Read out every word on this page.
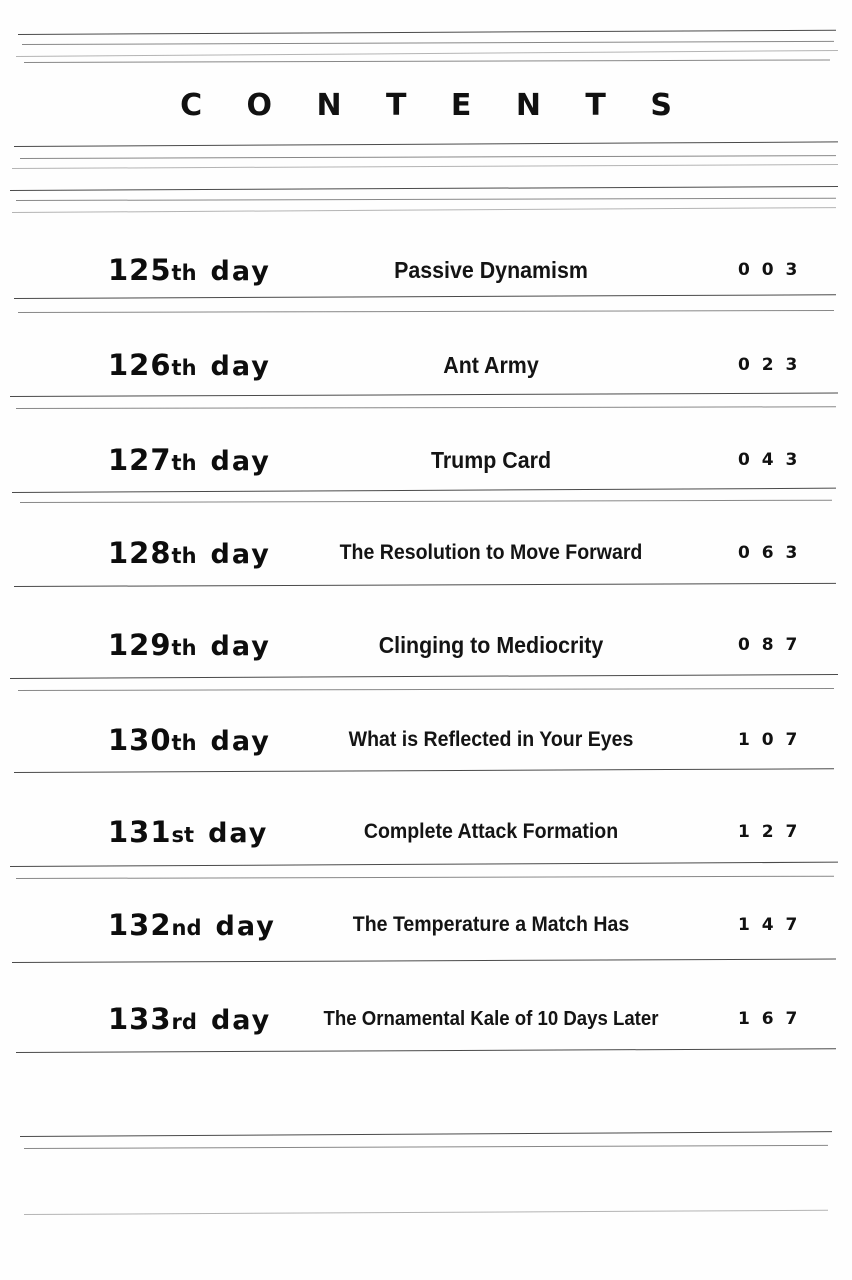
C O N T E N T S
125th day	Passive Dynamism	0 0 3
126th day	Ant Army	0 2 3
127th day	Trump Card	0 4 3
128th day	The Resolution to Move Forward	0 6 3
129th day	Clinging to Mediocrity	0 8 7
130th day	What is Reflected in Your Eyes	1 0 7
131st day	Complete Attack Formation	1 2 7
132nd day	The Temperature a Match Has	1 4 7
133rd day	The Ornamental Kale of 10 Days Later	1 6 7
